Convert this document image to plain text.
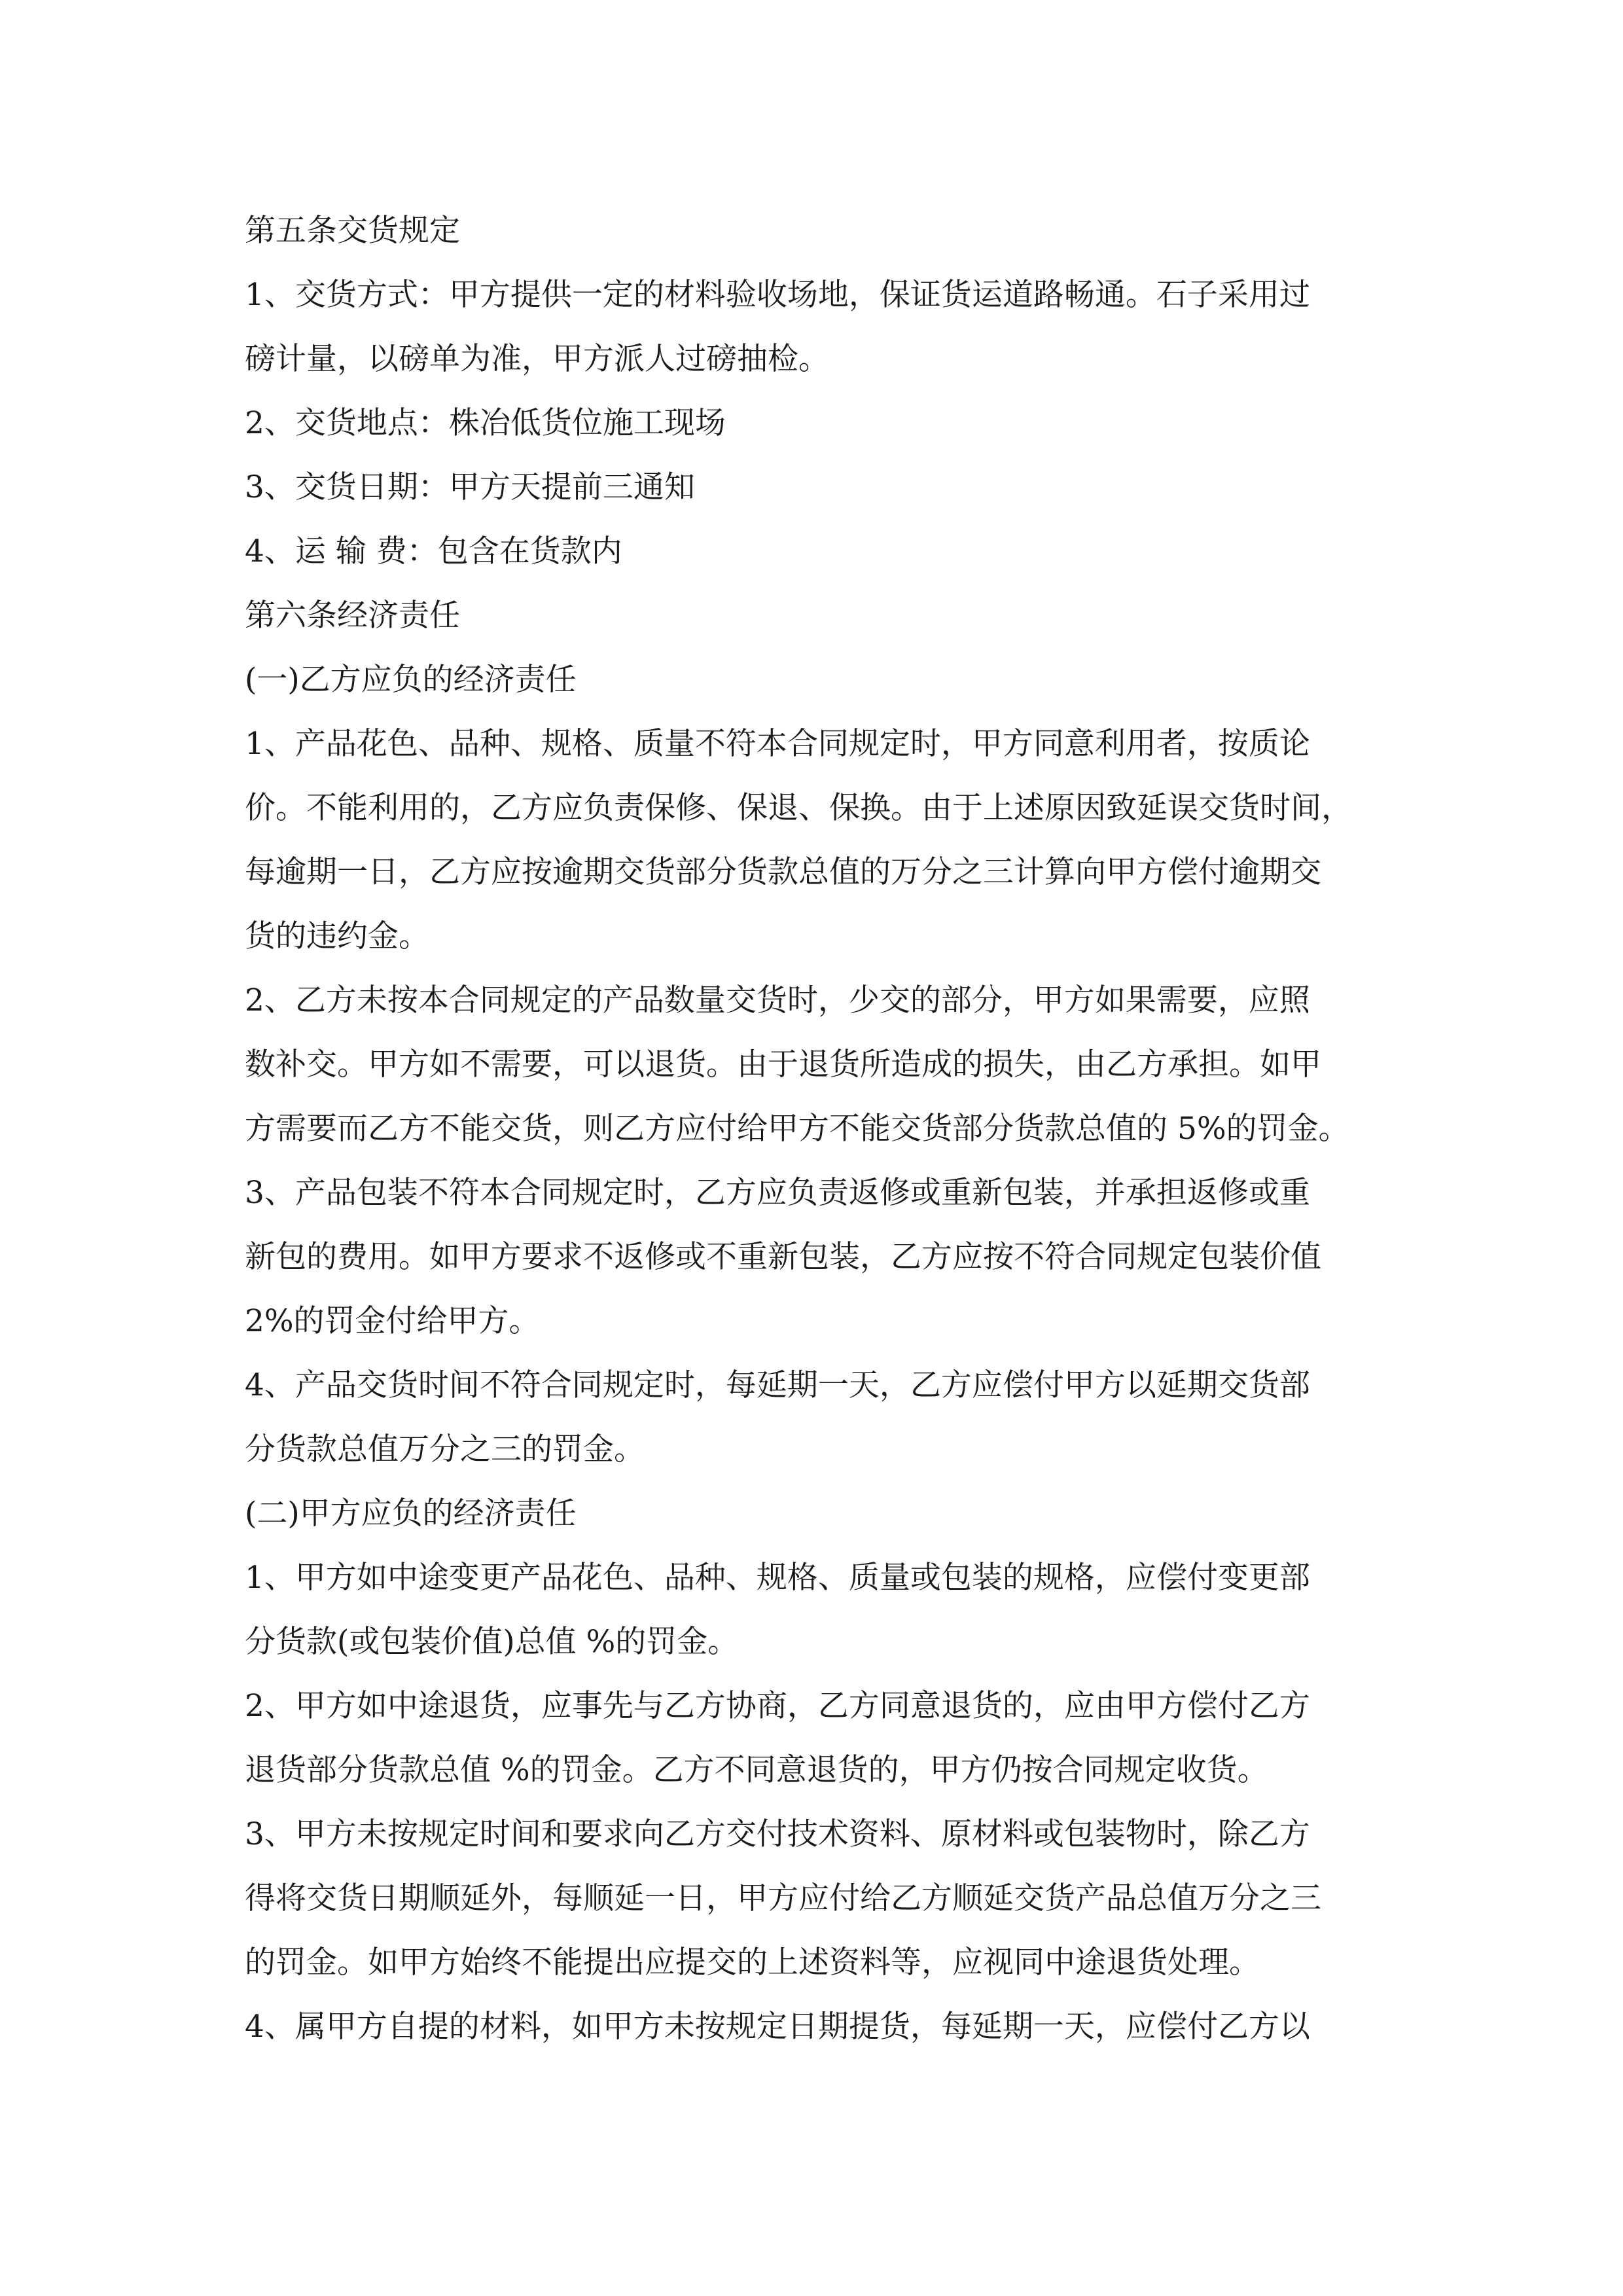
第五条交货规定
1、交货方式：甲方提供一定的材料验收场地，保证货运道路畅通。石子采用过
磅计量，以磅单为准，甲方派人过磅抽检。
2、交货地点：株冶低货位施工现场
3、交货日期：甲方天提前三通知
4、运 输 费：包含在货款内
第六条经济责任
(一)乙方应负的经济责任
1、产品花色、品种、规格、质量不符本合同规定时，甲方同意利用者，按质论
价。不能利用的，乙方应负责保修、保退、保换。由于上述原因致延误交货时间，
每逾期一日，乙方应按逾期交货部分货款总值的万分之三计算向甲方偿付逾期交
货的违约金。
2、乙方未按本合同规定的产品数量交货时，少交的部分，甲方如果需要，应照
数补交。甲方如不需要，可以退货。由于退货所造成的损失，由乙方承担。如甲
方需要而乙方不能交货，则乙方应付给甲方不能交货部分货款总值的 5%的罚金。
3、产品包装不符本合同规定时，乙方应负责返修或重新包装，并承担返修或重
新包的费用。如甲方要求不返修或不重新包装，乙方应按不符合同规定包装价值
2%的罚金付给甲方。
4、产品交货时间不符合同规定时，每延期一天，乙方应偿付甲方以延期交货部
分货款总值万分之三的罚金。
(二)甲方应负的经济责任
1、甲方如中途变更产品花色、品种、规格、质量或包装的规格，应偿付变更部
分货款(或包装价值)总值 %的罚金。
2、甲方如中途退货，应事先与乙方协商，乙方同意退货的，应由甲方偿付乙方
退货部分货款总值 %的罚金。乙方不同意退货的，甲方仍按合同规定收货。
3、甲方未按规定时间和要求向乙方交付技术资料、原材料或包装物时，除乙方
得将交货日期顺延外，每顺延一日，甲方应付给乙方顺延交货产品总值万分之三
的罚金。如甲方始终不能提出应提交的上述资料等，应视同中途退货处理。
4、属甲方自提的材料，如甲方未按规定日期提货，每延期一天，应偿付乙方以
